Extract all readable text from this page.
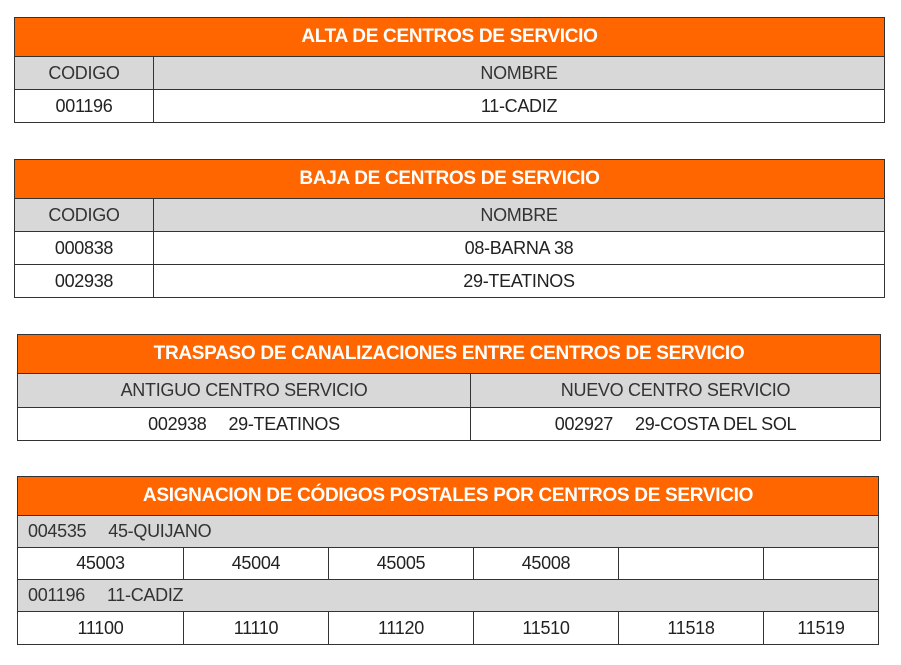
ALTA DE CENTROS DE SERVICIO	
CODIGO	NOMBRE
001196	11-CADIZ
BAJA DE CENTROS DE SERVICIO	
CODIGO	NOMBRE
000838	08-BARNA 38
002938	29-TEATINOS
TRASPASO DE CANALIZACIONES ENTRE CENTROS DE SERVICIO	
ANTIGUO CENTRO SERVICIO	NUEVO CENTRO SERVICIO
002938 29-TEATINOS	002927 29-COSTA DEL SOL
ASIGNACION DE CÓDIGOS POSTALES POR CENTROS DE SERVICIO					
004535 45-QUIJANO					
45003	45004	45005	45008		
001196 11-CADIZ					
11100	11110	11120	11510	11518	11519
